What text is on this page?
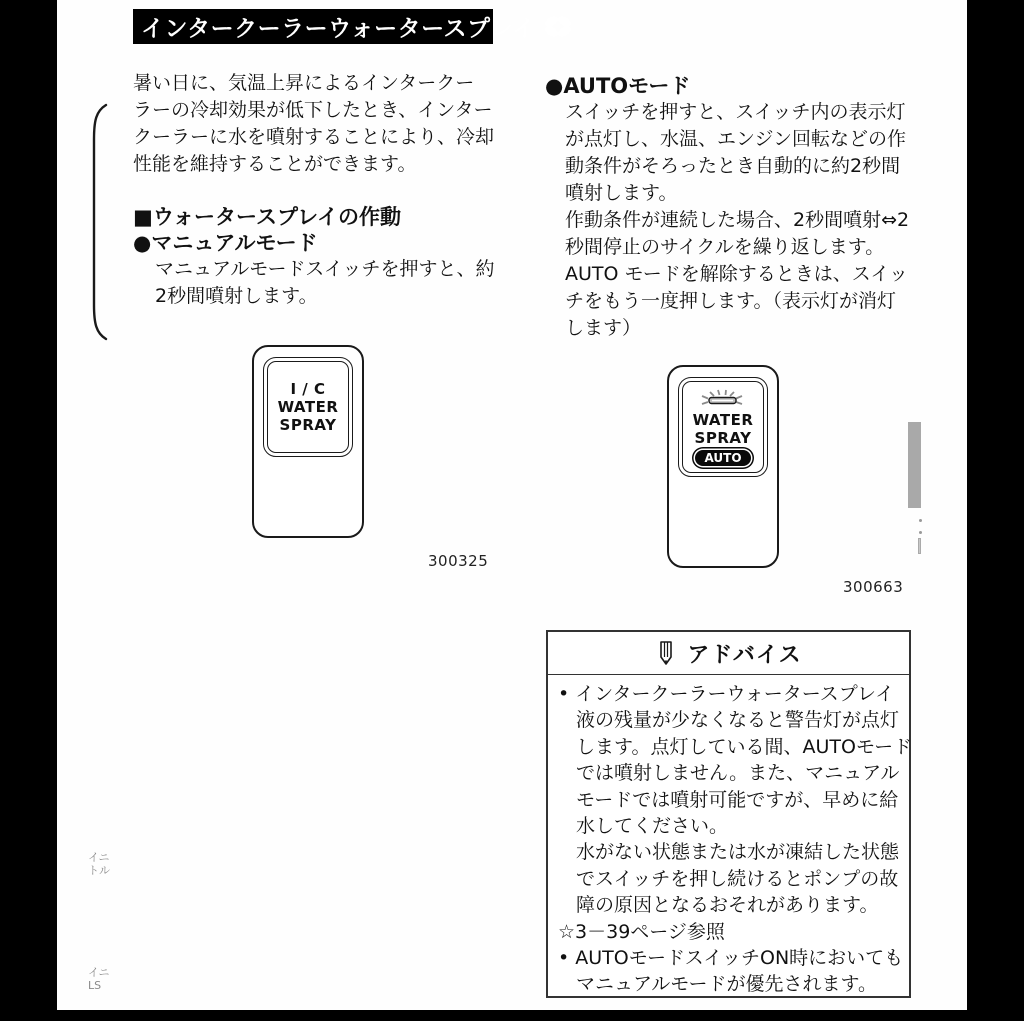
インタークーラーウォータースプレイ
暑い日に、気温上昇によるインタークー
ラーの冷却効果が低下したとき、インター
クーラーに水を噴射することにより、冷却
性能を維持することができます。
■ウォータースプレイの作動
●マニュアルモード
マニュアルモードスイッチを押すと、約
2秒間噴射します。
I / C
WATER
SPRAY
300325
●AUTOモード
スイッチを押すと、スイッチ内の表示灯
が点灯し、水温、エンジン回転などの作
動条件がそろったとき自動的に約2秒間
噴射します。
作動条件が連続した場合、2秒間噴射⇔2
秒間停止のサイクルを繰り返します。
AUTO モードを解除するときは、スイッ
チをもう一度押します。（表示灯が消灯
します）
WATER
SPRAY
AUTO
300663
アドバイス
• インタークーラーウォータースプレイ
液の残量が少なくなると警告灯が点灯
します。点灯している間、AUTOモード
では噴射しません。また、マニュアル
モードでは噴射可能ですが、早めに給
水してください。
水がない状態または水が凍結した状態
でスイッチを押し続けるとポンプの故
障の原因となるおそれがあります。
☆3－39ページ参照
• AUTOモードスイッチON時においても
マニュアルモードが優先されます。
イニ
トル
イニ
LS
